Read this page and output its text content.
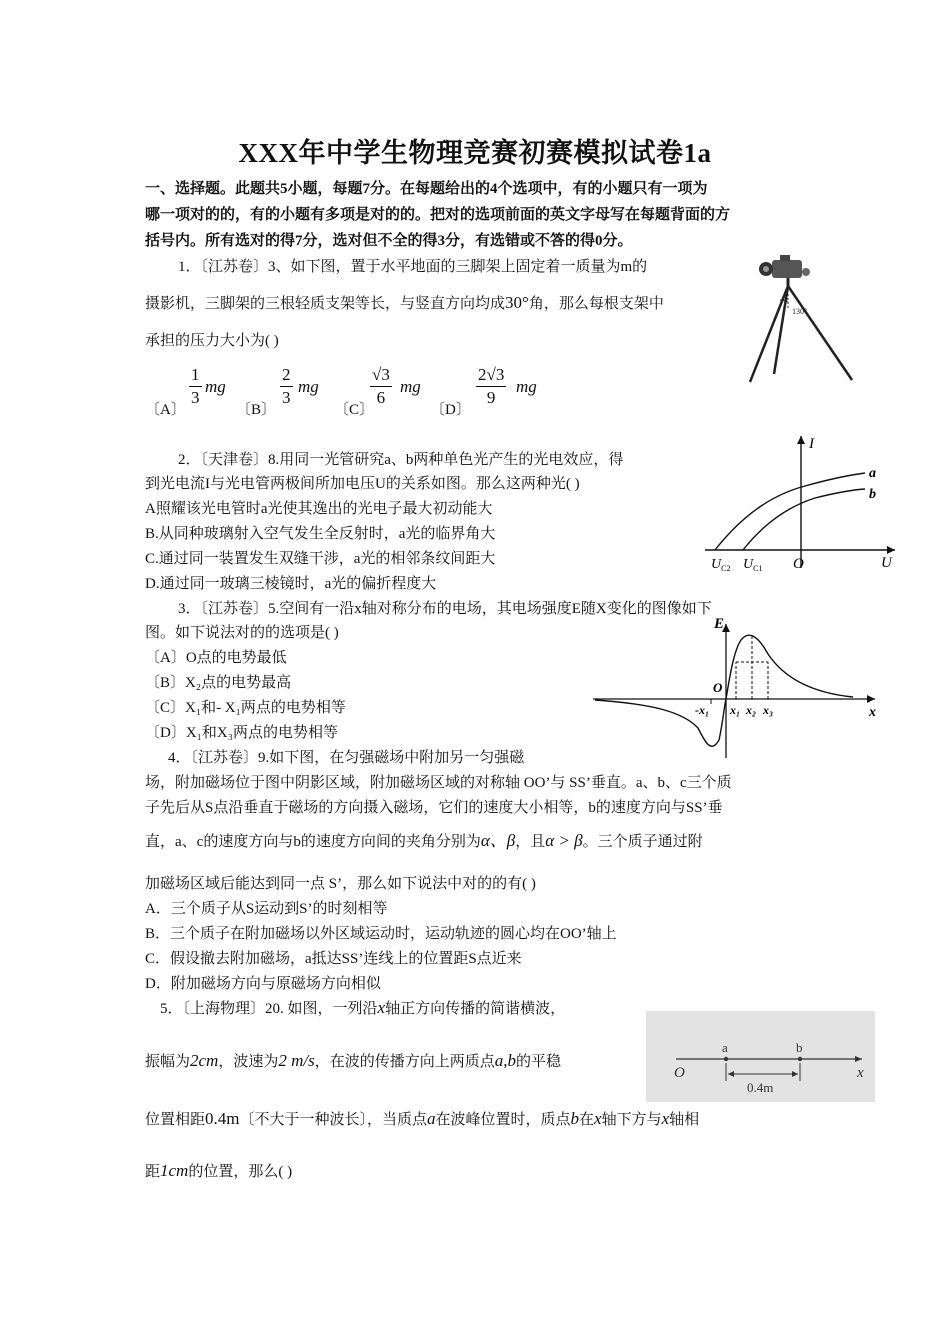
XXX年中学生物理竞赛初赛模拟试卷1a
一、选择题。此题共5小题，每题7分。在每题给出的4个选项中，有的小题只有一项为
哪一项对的的，有的小题有多项是对的的。把对的选项前面的英文字母写在每题背面的方
括号内。所有选对的得7分，选对但不全的得3分，有选错或不答的得0分。
1．〔江苏卷〕3、如下图，置于水平地面的三脚架上固定着一质量为m的
摄影机，三脚架的三根轻质支架等长，与竖直方向均成30°角，那么每根支架中
承担的压力大小为( )
〔A〕
$\frac{1}{3}$ mg
〔B〕
$\frac{2}{3}$ mg
〔C〕
$\frac{√3}{6}$ mg
〔D〕
$\frac{2√3}{9}$ mg
130°
2．〔天津卷〕8.用同一光管研究a、b两种单色光产生的光电效应，得
到光电流I与光电管两极间所加电压U的关系如图。那么这两种光( )
A照耀该光电管时a光使其逸出的光电子最大初动能大
B.从同种玻璃射入空气发生全反射时，a光的临界角大
C.通过同一装置发生双缝干涉，a光的相邻条纹间距大
D.通过同一玻璃三棱镜时，a光的偏折程度大
I
U
O
a
b
$U_{C2}$ $U_{C1}$
3．〔江苏卷〕5.空间有一沿x轴对称分布的电场，其电场强度E随X变化的图像如下
图。如下说法对的的选项是( )
〔A〕O点的电势最低
〔B〕X₂点的电势最高
〔C〕X₁和- X₁两点的电势相等
〔D〕X₁和X₃两点的电势相等
E
x
O
-x₁ x₁ x₂ x₃
4．〔江苏卷〕9.如下图，在匀强磁场中附加另一匀强磁
场，附加磁场位于图中阴影区域，附加磁场区域的对称轴 OO’与 SS’垂直。a、b、c三个质
子先后从S点沿垂直于磁场的方向摄入磁场，它们的速度大小相等，b的速度方向与SS’垂
直，a、c的速度方向与b的速度方向间的夹角分别为α、β，且α > β。三个质子通过附
加磁场区域后能达到同一点 S’，那么如下说法中对的的有( )
A．三个质子从S运动到S’的时刻相等
B．三个质子在附加磁场以外区域运动时，运动轨迹的圆心均在OO’轴上
C．假设撤去附加磁场，a抵达SS’连线上的位置距S点近来
D．附加磁场方向与原磁场方向相似
5．〔上海物理〕20. 如图，一列沿x轴正方向传播的简谐横波，
振幅为2cm，波速为2 m/s，在波的传播方向上两质点a,b的平稳
位置相距0.4m〔不大于一种波长〕，当质点a在波峰位置时，质点b在x轴下方与x轴相
距1cm的位置，那么( )
O
a	b
0.4m
x
